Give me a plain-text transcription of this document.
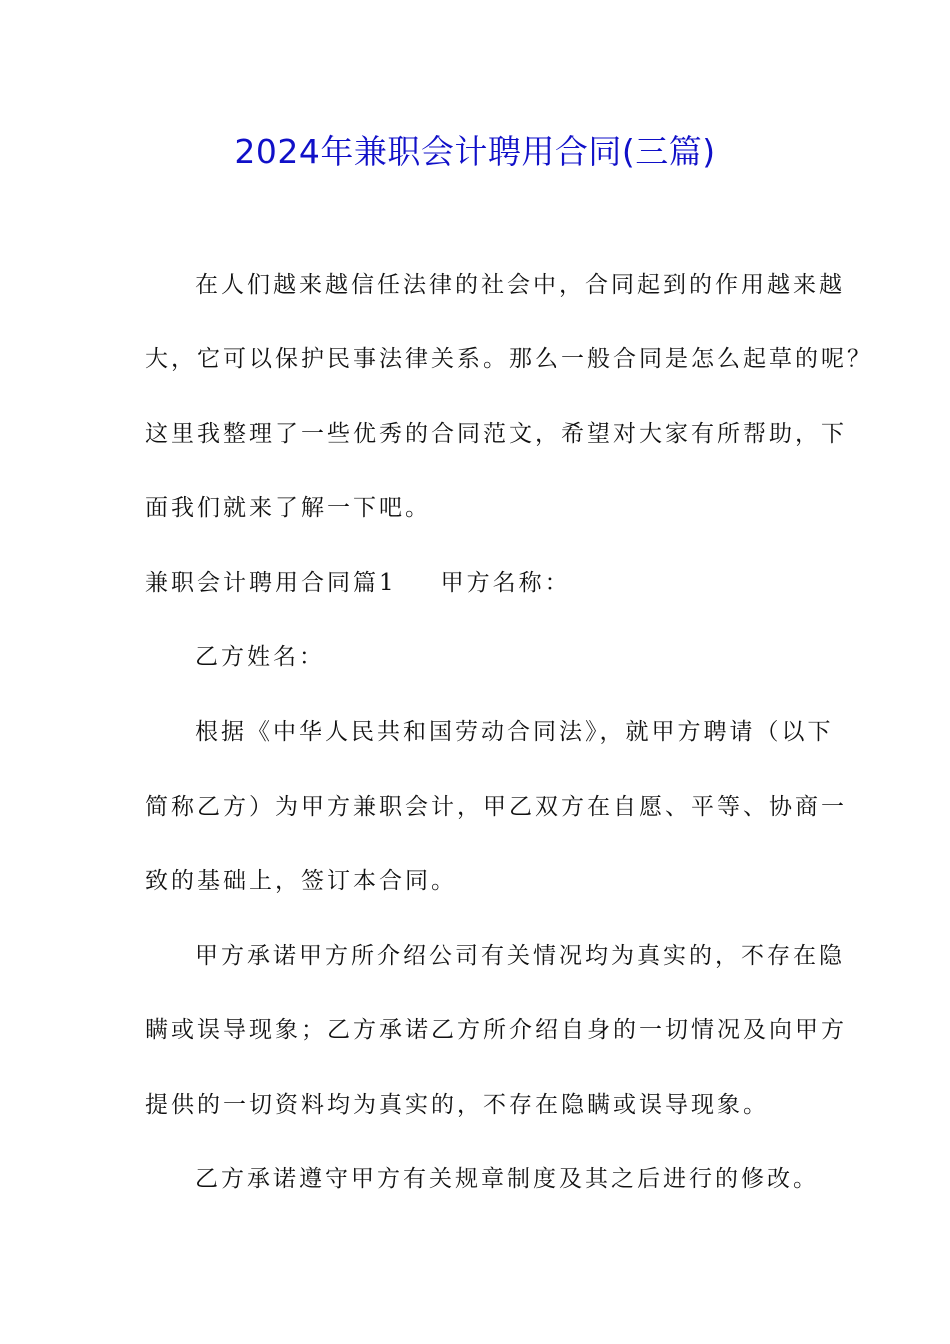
2024年兼职会计聘用合同(三篇)
在人们越来越信任法律的社会中，合同起到的作用越来越
大，它可以保护民事法律关系。那么一般合同是怎么起草的呢？
这里我整理了一些优秀的合同范文，希望对大家有所帮助，下
面我们就来了解一下吧。
兼职会计聘用合同篇1 甲方名称：
乙方姓名：
根据《中华人民共和国劳动合同法》，就甲方聘请（以下
简称乙方）为甲方兼职会计，甲乙双方在自愿、平等、协商一
致的基础上，签订本合同。
甲方承诺甲方所介绍公司有关情况均为真实的，不存在隐
瞒或误导现象；乙方承诺乙方所介绍自身的一切情况及向甲方
提供的一切资料均为真实的，不存在隐瞒或误导现象。
乙方承诺遵守甲方有关规章制度及其之后进行的修改。
